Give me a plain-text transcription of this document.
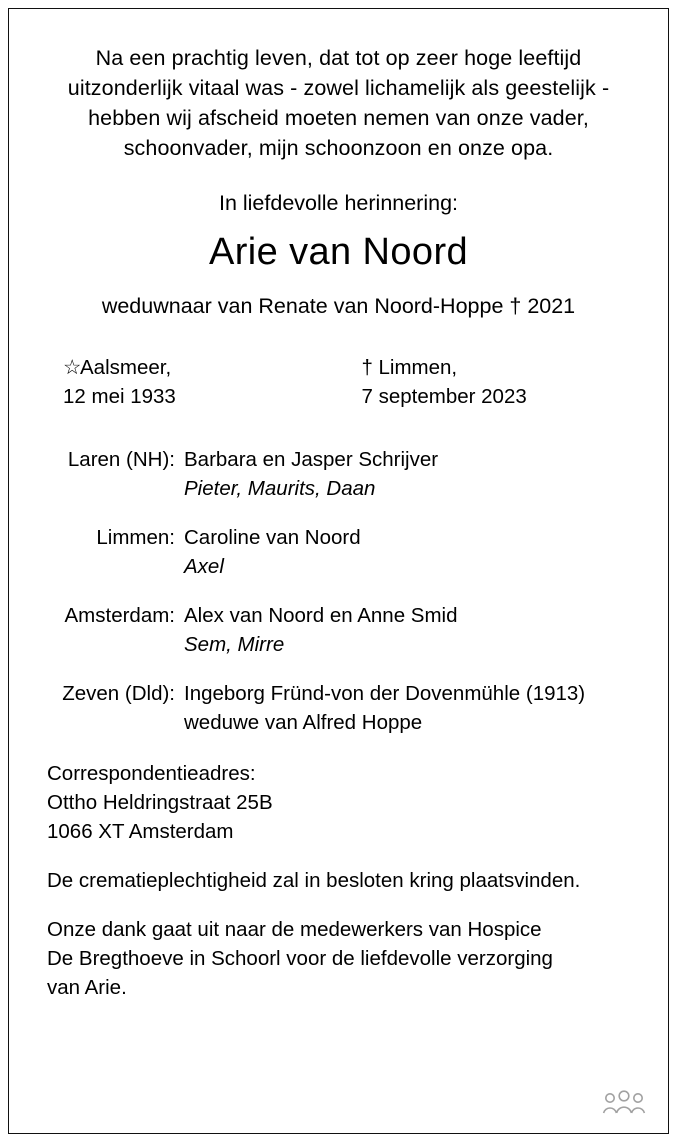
Na een prachtig leven, dat tot op zeer hoge leeftijd
uitzonderlijk vitaal was - zowel lichamelijk als geestelijk -
hebben wij afscheid moeten nemen van onze vader,
schoonvader, mijn schoonzoon en onze opa.
In liefdevolle herinnering:
Arie van Noord
weduwnaar van Renate van Noord-Hoppe † 2021
☆Aalsmeer,
12 mei 1933
† Limmen,
7 september 2023
Laren (NH): Barbara en Jasper Schrijver
Pieter, Maurits, Daan
Limmen: Caroline van Noord
Axel
Amsterdam: Alex van Noord en Anne Smid
Sem, Mirre
Zeven (Dld): Ingeborg Fründ-von der Dovenmühle (1913)
weduwe van Alfred Hoppe
Correspondentieadres:
Ottho Heldringstraat 25B
1066 XT Amsterdam
De crematieplechtigheid zal in besloten kring plaatsvinden.
Onze dank gaat uit naar de medewerkers van Hospice
De Bregthoeve in Schoorl voor de liefdevolle verzorging
van Arie.
